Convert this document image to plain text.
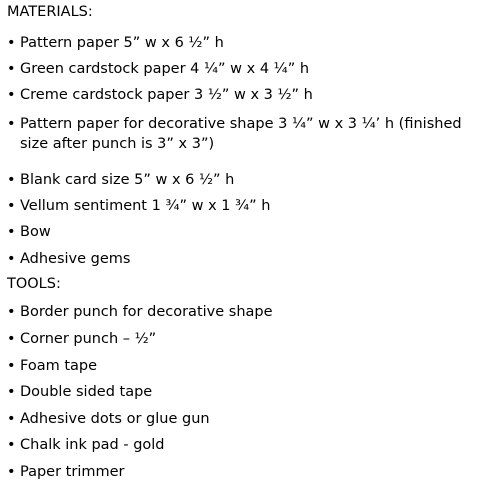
MATERIALS:
• Pattern paper 5” w x 6 ½” h
• Green cardstock paper 4 ¼” w x 4 ¼” h
• Creme cardstock paper 3 ½” w x 3 ½” h
• Pattern paper for decorative shape 3 ¼” w x 3 ¼’ h (finished size after punch is 3” x 3”)
• Blank card size 5” w x 6 ½” h
• Vellum sentiment 1 ¾” w x 1 ¾” h
• Bow
• Adhesive gems
TOOLS:
• Border punch for decorative shape
• Corner punch – ½”
• Foam tape
• Double sided tape
• Adhesive dots or glue gun
• Chalk ink pad - gold
• Paper trimmer
